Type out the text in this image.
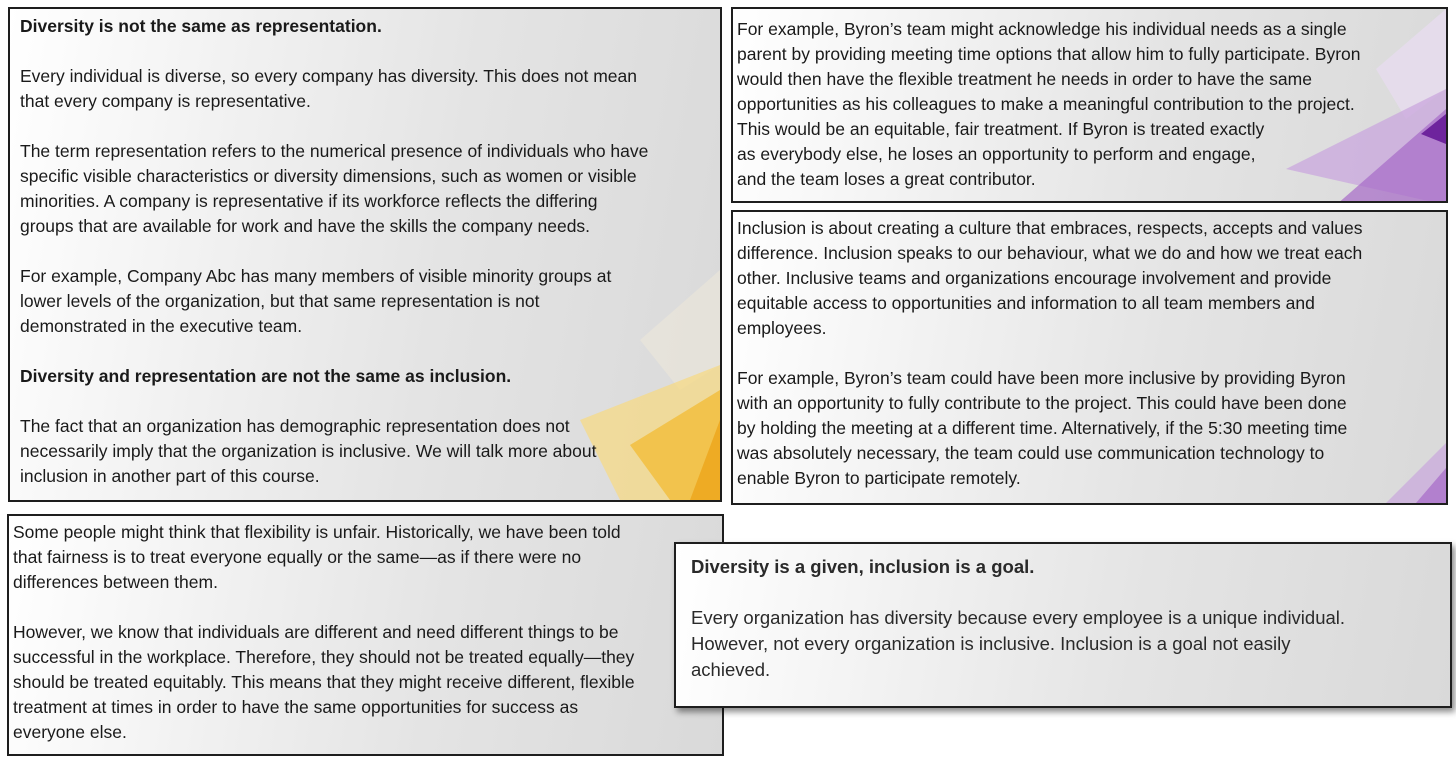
Diversity is not the same as representation.

Every individual is diverse, so every company has diversity. This does not mean

that every company is representative.

The term representation refers to the numerical presence of individuals who have

specific visible characteristics or diversity dimensions, such as women or visible

minorities. A company is representative if its workforce reflects the differing

groups that are available for work and have the skills the company needs.

For example, Company Abc has many members of visible minority groups at

lower levels of the organization, but that same representation is not

demonstrated in the executive team.

Diversity and representation are not the same as inclusion.

The fact that an organization has demographic representation does not

necessarily imply that the organization is inclusive. We will talk more about

inclusion in another part of this course.

For example, Byron’s team might acknowledge his individual needs as a single

parent by providing meeting time options that allow him to fully participate. Byron

would then have the flexible treatment he needs in order to have the same

opportunities as his colleagues to make a meaningful contribution to the project.

This would be an equitable, fair treatment. If Byron is treated exactly

as everybody else, he loses an opportunity to perform and engage,

and the team loses a great contributor.

Inclusion is about creating a culture that embraces, respects, accepts and values

difference. Inclusion speaks to our behaviour, what we do and how we treat each

other. Inclusive teams and organizations encourage involvement and provide

equitable access to opportunities and information to all team members and

employees.

For example, Byron’s team could have been more inclusive by providing Byron

with an opportunity to fully contribute to the project. This could have been done

by holding the meeting at a different time. Alternatively, if the 5:30 meeting time

was absolutely necessary, the team could use communication technology to

enable Byron to participate remotely.

Some people might think that flexibility is unfair. Historically, we have been told

that fairness is to treat everyone equally or the same—as if there were no

differences between them.

However, we know that individuals are different and need different things to be

successful in the workplace. Therefore, they should not be treated equally—they

should be treated equitably. This means that they might receive different, flexible

treatment at times in order to have the same opportunities for success as

everyone else.

Diversity is a given, inclusion is a goal.

Every organization has diversity because every employee is a unique individual.

However, not every organization is inclusive. Inclusion is a goal not easily

achieved.
